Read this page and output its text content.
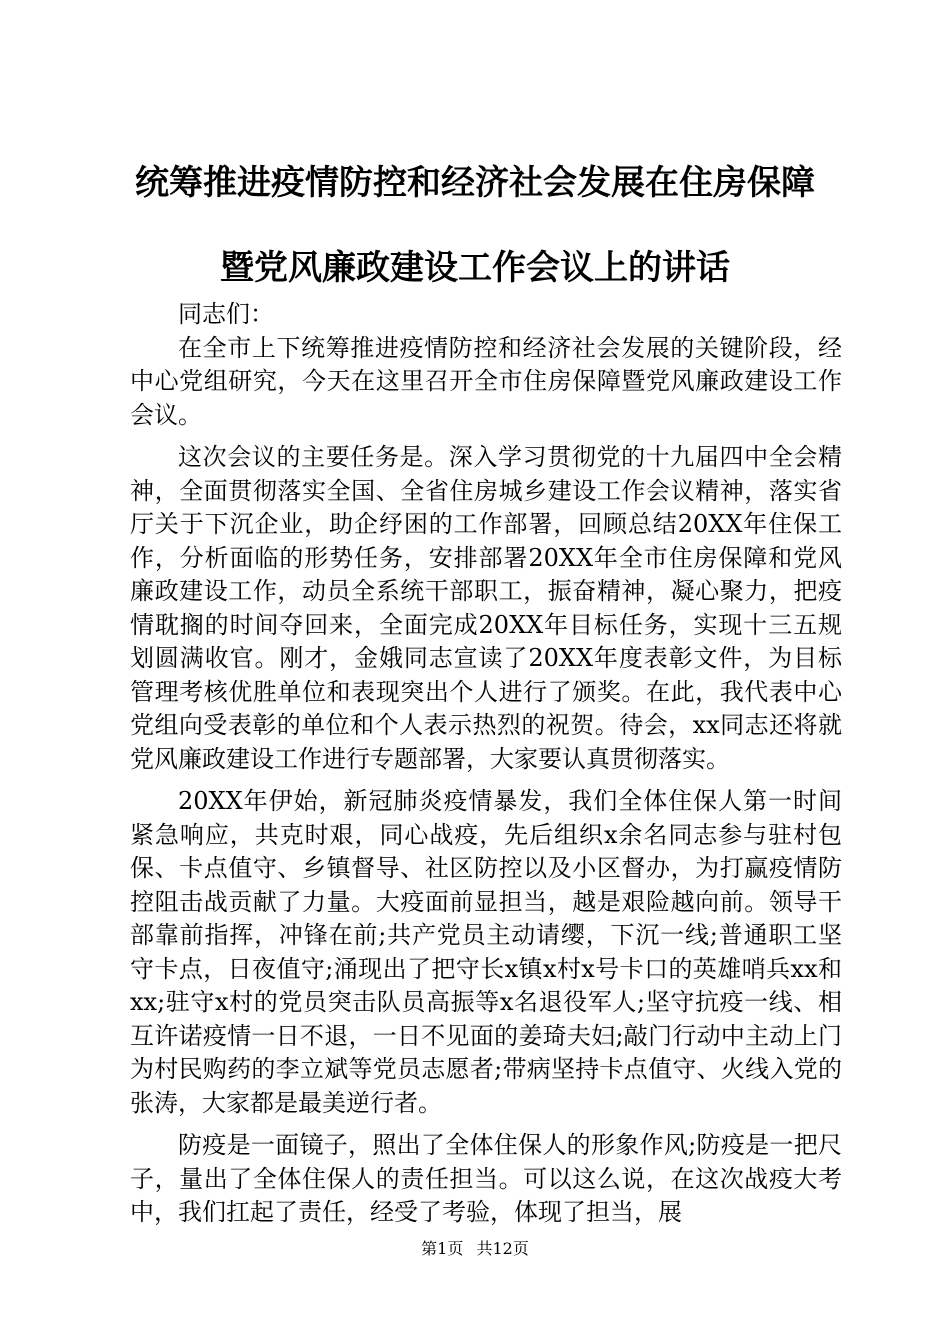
统筹推进疫情防控和经济社会发展在住房保障
暨党风廉政建设工作会议上的讲话

同志们：

在全市上下统筹推进疫情防控和经济社会发展的关键阶段，经中心党组研究，今天在这里召开全市住房保障暨党风廉政建设工作会议。

这次会议的主要任务是。深入学习贯彻党的十九届四中全会精神，全面贯彻落实全国、全省住房城乡建设工作会议精神，落实省厅关于下沉企业，助企纾困的工作部署，回顾总结20XX年住保工作，分析面临的形势任务，安排部署20XX年全市住房保障和党风廉政建设工作，动员全系统干部职工，振奋精神，凝心聚力，把疫情耽搁的时间夺回来，全面完成20XX年目标任务，实现十三五规划圆满收官。刚才，金娥同志宣读了20XX年度表彰文件，为目标管理考核优胜单位和表现突出个人进行了颁奖。在此，我代表中心党组向受表彰的单位和个人表示热烈的祝贺。待会，xx同志还将就党风廉政建设工作进行专题部署，大家要认真贯彻落实。

20XX年伊始，新冠肺炎疫情暴发，我们全体住保人第一时间紧急响应，共克时艰，同心战疫，先后组织x余名同志参与驻村包保、卡点值守、乡镇督导、社区防控以及小区督办，为打赢疫情防控阻击战贡献了力量。大疫面前显担当，越是艰险越向前。领导干部靠前指挥，冲锋在前;共产党员主动请缨，下沉一线;普通职工坚守卡点，日夜值守;涌现出了把守长x镇x村x号卡口的英雄哨兵xx和xx;驻守x村的党员突击队员高振等x名退役军人;坚守抗疫一线、相互许诺疫情一日不退，一日不见面的姜琦夫妇;敲门行动中主动上门为村民购药的李立斌等党员志愿者;带病坚持卡点值守、火线入党的张涛，大家都是最美逆行者。

防疫是一面镜子，照出了全体住保人的形象作风;防疫是一把尺子，量出了全体住保人的责任担当。可以这么说，在这次战疫大考中，我们扛起了责任，经受了考验，体现了担当，展

第1页 共12页
